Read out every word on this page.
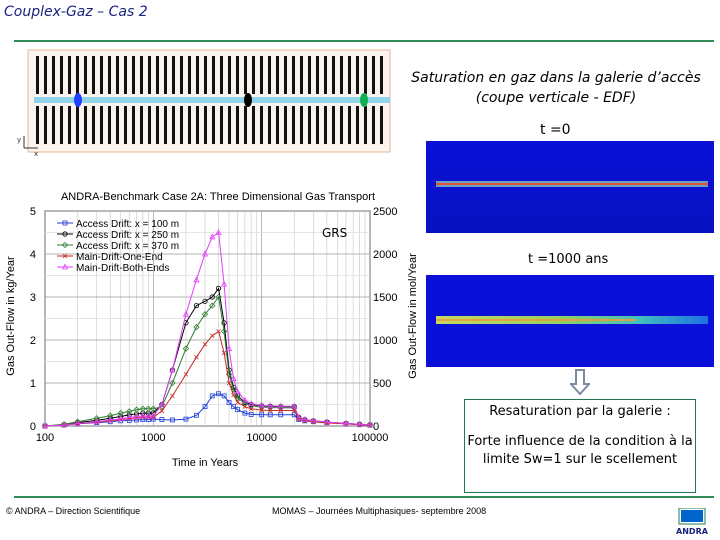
Couplex-Gaz – Cas 2
y
x
Saturation en gaz dans la galerie d’accès (coupe verticale - EDF)
t =0
t =1000 ans
Resaturation par la galerie :
Forte influence de la condition à la limite Sw=1 sur le scellement
ANDRA-Benchmark Case 2A: Three Dimensional Gas Transport
100	1000	10000	100000
0
1
2
3
4
5
0
500
1000
1500
2000
2500
Access Drift: x = 100 m
Access Drift: x = 250 m
Access Drift: x = 370 m
Main-Drift-One-End
Main-Drift-Both-Ends
GRS
Time in Years
Gas Out-Flow in kg/Year	Gas Out-Flow in mol/Year
© ANDRA – Direction Scientifique	MOMAS – Journées Multiphasiques- septembre 2008
ANDRA
